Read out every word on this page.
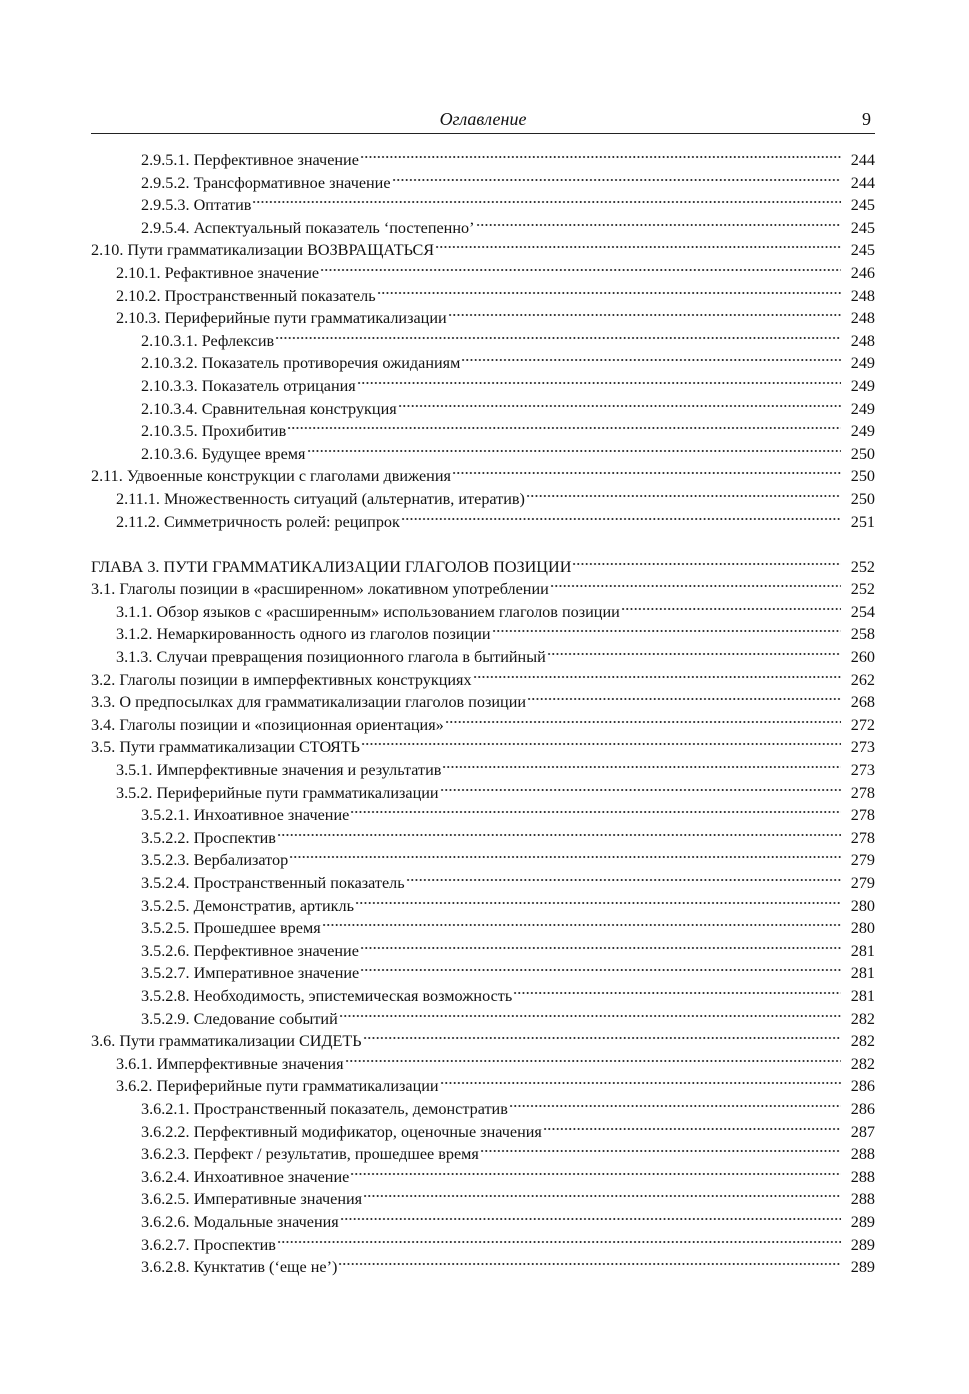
Оглавление	9
2.9.5.1. Перфективное значение	244
2.9.5.2. Трансформативное значение	244
2.9.5.3. Оптатив	245
2.9.5.4. Аспектуальный показатель ‘постепенно’	245
2.10. Пути грамматикализации ВОЗВРАЩАТЬСЯ	245
2.10.1. Рефактивное значение	246
2.10.2. Пространственный показатель	248
2.10.3. Периферийные пути грамматикализации	248
2.10.3.1. Рефлексив	248
2.10.3.2. Показатель противоречия ожиданиям	249
2.10.3.3. Показатель отрицания	249
2.10.3.4. Сравнительная конструкция	249
2.10.3.5. Прохибитив	249
2.10.3.6. Будущее время	250
2.11. Удвоенные конструкции с глаголами движения	250
2.11.1. Множественность ситуаций (альтернатив, итератив)	250
2.11.2. Симметричность ролей: реципрок	251
ГЛАВА 3. ПУТИ ГРАММАТИКАЛИЗАЦИИ ГЛАГОЛОВ ПОЗИЦИИ	252
3.1. Глаголы позиции в «расширенном» локативном употреблении	252
3.1.1. Обзор языков с «расширенным» использованием глаголов позиции	254
3.1.2. Немаркированность одного из глаголов позиции	258
3.1.3. Случаи превращения позиционного глагола в бытийный	260
3.2. Глаголы позиции в имперфективных конструкциях	262
3.3. О предпосылках для грамматикализации глаголов позиции	268
3.4. Глаголы позиции и «позиционная ориентация»	272
3.5. Пути грамматикализации СТОЯТЬ	273
3.5.1. Имперфективные значения и результатив	273
3.5.2. Периферийные пути грамматикализации	278
3.5.2.1. Инхоативное значение	278
3.5.2.2. Проспектив	278
3.5.2.3. Вербализатор	279
3.5.2.4. Пространственный показатель	279
3.5.2.5. Демонстратив, артикль	280
3.5.2.5. Прошедшее время	280
3.5.2.6. Перфективное значение	281
3.5.2.7. Императивное значение	281
3.5.2.8. Необходимость, эпистемическая возможность	281
3.5.2.9. Следование событий	282
3.6. Пути грамматикализации СИДЕТЬ	282
3.6.1. Имперфективные значения	282
3.6.2. Периферийные пути грамматикализации	286
3.6.2.1. Пространственный показатель, демонстратив	286
3.6.2.2. Перфективный модификатор, оценочные значения	287
3.6.2.3. Перфект / результатив, прошедшее время	288
3.6.2.4. Инхоативное значение	288
3.6.2.5. Императивные значения	288
3.6.2.6. Модальные значения	289
3.6.2.7. Проспектив	289
3.6.2.8. Кунктатив (‘еще не’)	289
